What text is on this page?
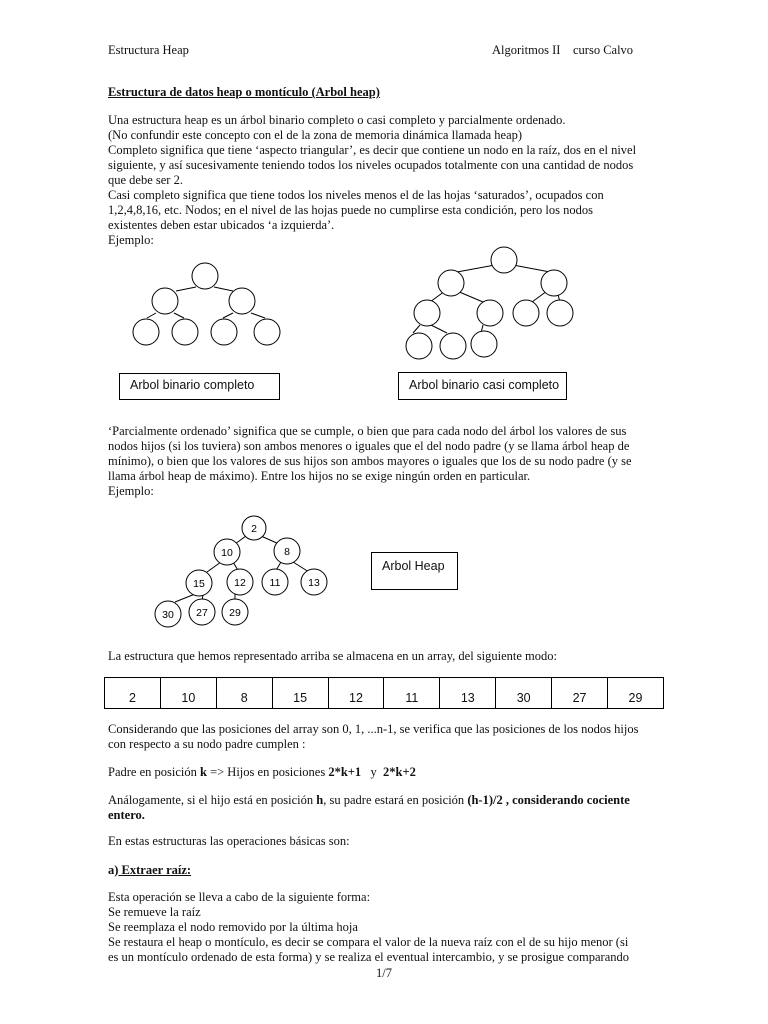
Estructura Heap	Algoritmos II curso Calvo
Estructura de datos heap o montículo (Arbol heap)
Una estructura heap es un árbol binario completo o casi completo y parcialmente ordenado.
(No confundir este concepto con el de la zona de memoria dinámica llamada heap)
Completo significa que tiene ‘aspecto triangular’, es decir que contiene un nodo en la raíz, dos en el nivel
siguiente, y así sucesivamente teniendo todos los niveles ocupados totalmente con una cantidad de nodos
que debe ser 2.
Casi completo significa que tiene todos los niveles menos el de las hojas ‘saturados’, ocupados con
1,2,4,8,16, etc. Nodos; en el nivel de las hojas puede no cumplirse esta condición, pero los nodos
existentes deben estar ubicados ‘a izquierda’.
Ejemplo:
Arbol binario completo	Arbol binario casi completo
‘Parcialmente ordenado’ significa que se cumple, o bien que para cada nodo del árbol los valores de sus
nodos hijos (si los tuviera) son ambos menores o iguales que el del nodo padre (y se llama árbol heap de
mínimo), o bien que los valores de sus hijos son ambos mayores o iguales que los de su nodo padre (y se
llama árbol heap de máximo). Entre los hijos no se exige ningún orden en particular.
Ejemplo:
2
10	8
15	12 11	13
30 27 29
Arbol Heap
La estructura que hemos representado arriba se almacena en un array, del siguiente modo:
2	10	8	15	12	11	13	30	27	29
Considerando que las posiciones del array son 0, 1, ...n-1, se verifica que las posiciones de los nodos hijos
con respecto a su nodo padre cumplen :
Padre en posición k => Hijos en posiciones 2*k+1   y  2*k+2
Análogamente, si el hijo está en posición h, su padre estará en posición (h-1)/2 , considerando cociente
entero.
En estas estructuras las operaciones básicas son:
a) Extraer raíz:
Esta operación se lleva a cabo de la siguiente forma:
Se remueve la raíz
Se reemplaza el nodo removido por la última hoja
Se restaura el heap o montículo, es decir se compara el valor de la nueva raíz con el de su hijo menor (si
es un montículo ordenado de esta forma) y se realiza el eventual intercambio, y se prosigue comparando
1/7
